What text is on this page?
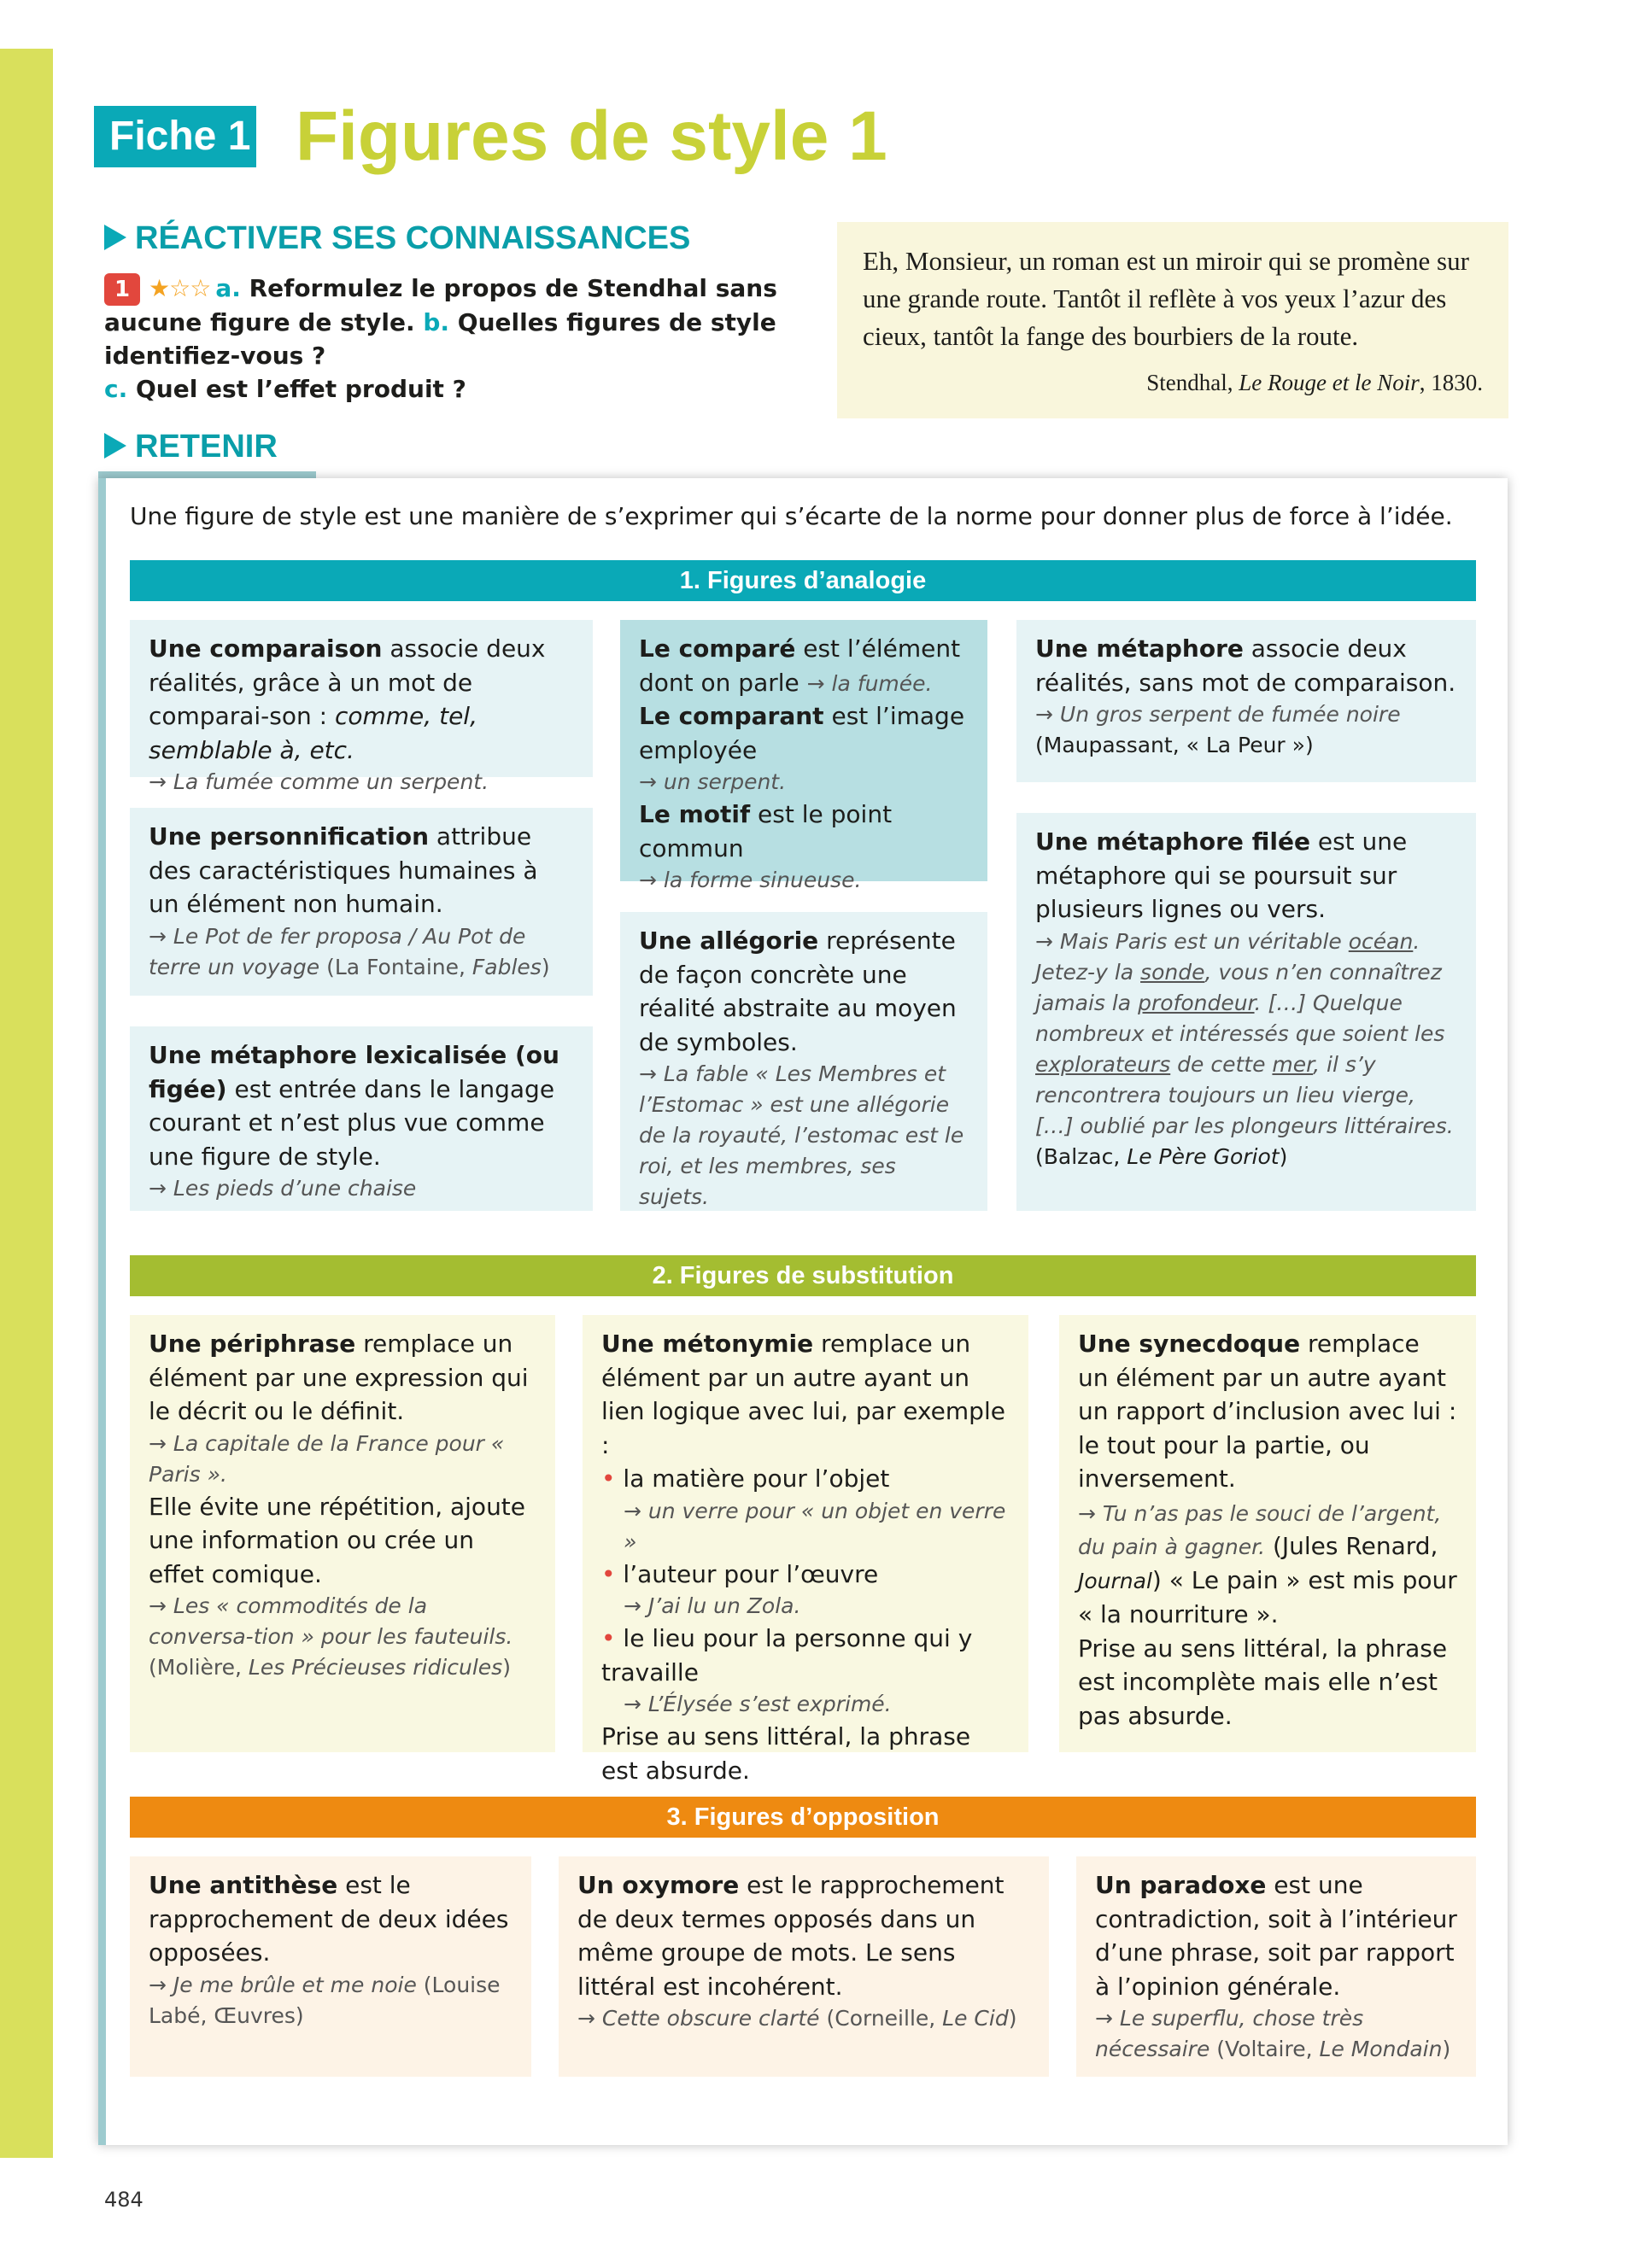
Fiche 1 Figures de style 1
RÉACTIVER SES CONNAISSANCES
1 ★☆☆ a. Reformulez le propos de Stendhal sans aucune figure de style. b. Quelles figures de style identifiez-vous ?
c. Quel est l’effet produit ?
Eh, Monsieur, un roman est un miroir qui se promène sur une grande route. Tantôt il reflète à vos yeux l’azur des cieux, tantôt la fange des bourbiers de la route.
Stendhal, Le Rouge et le Noir, 1830.
RETENIR
Une figure de style est une manière de s’exprimer qui s’écarte de la norme pour donner plus de force à l’idée.
1. Figures d’analogie
Une comparaison associe deux réalités, grâce à un mot de comparai-son : comme, tel, semblable à, etc.
→ La fumée comme un serpent.
Le comparé est l’élément dont on parle → la fumée.
Le comparant est l’image employée
→ un serpent.
Le motif est le point commun
→ la forme sinueuse.
Une métaphore associe deux réalités, sans mot de comparaison.
→ Un gros serpent de fumée noire
(Maupassant, « La Peur »)
Une personnification attribue des caractéristiques humaines à un élément non humain.
→ Le Pot de fer proposa / Au Pot de terre un voyage (La Fontaine, Fables)
Une allégorie représente de façon concrète une réalité abstraite au moyen de symboles.
→ La fable « Les Membres et l’Estomac » est une allégorie de la royauté, l’estomac est le roi, et les membres, ses sujets.
Une métaphore filée est une métaphore qui se poursuit sur plusieurs lignes ou vers.
→ Mais Paris est un véritable océan. Jetez-y la sonde, vous n’en connaîtrez jamais la profondeur. […] Quelque nombreux et intéressés que soient les explorateurs de cette mer, il s’y rencontrera toujours un lieu vierge, […] oublié par les plongeurs littéraires.
(Balzac, Le Père Goriot)
Une métaphore lexicalisée (ou figée) est entrée dans le langage courant et n’est plus vue comme une figure de style.
→ Les pieds d’une chaise
2. Figures de substitution
Une périphrase remplace un élément par une expression qui le décrit ou le définit.
→ La capitale de la France pour « Paris ».
Elle évite une répétition, ajoute une information ou crée un effet comique.
→ Les « commodités de la conversa-tion » pour les fauteuils. (Molière, Les Précieuses ridicules)
Une métonymie remplace un élément par un autre ayant un lien logique avec lui, par exemple :
• la matière pour l’objet
→ un verre pour « un objet en verre »
• l’auteur pour l’œuvre
→ J’ai lu un Zola.
• le lieu pour la personne qui y travaille
→ L’Élysée s’est exprimé.
Prise au sens littéral, la phrase est absurde.
Une synecdoque remplace un élément par un autre ayant un rapport d’inclusion avec lui : le tout pour la partie, ou inversement.
→ Tu n’as pas le souci de l’argent, du pain à gagner. (Jules Renard, Journal) « Le pain » est mis pour « la nourriture ».
Prise au sens littéral, la phrase est incomplète mais elle n’est pas absurde.
3. Figures d’opposition
Une antithèse est le rapprochement de deux idées opposées.
→ Je me brûle et me noie (Louise Labé, Œuvres)
Un oxymore est le rapprochement de deux termes opposés dans un même groupe de mots. Le sens littéral est incohérent.
→ Cette obscure clarté (Corneille, Le Cid)
Un paradoxe est une contradiction, soit à l’intérieur d’une phrase, soit par rapport à l’opinion générale.
→ Le superflu, chose très nécessaire (Voltaire, Le Mondain)
484
